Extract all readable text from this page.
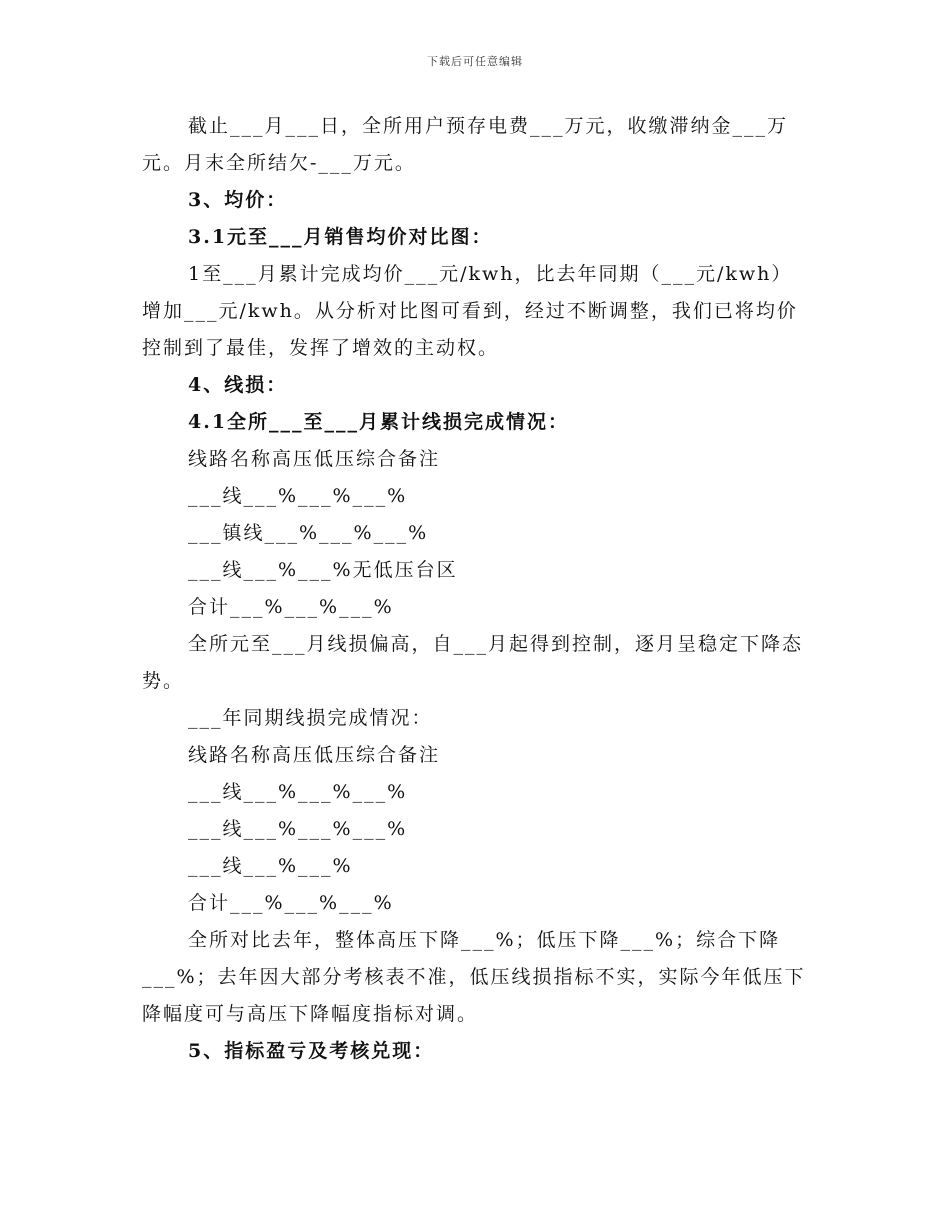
下载后可任意编辑

截止___月___日，全所用户预存电费___万元，收缴滞纳金___万元。月末全所结欠-___万元。

3、均价：

3.1元至___月销售均价对比图：

1至___月累计完成均价___元/kwh，比去年同期（___元/kwh）增加___元/kwh。从分析对比图可看到，经过不断调整，我们已将均价控制到了最佳，发挥了增效的主动权。

4、线损：

4.1全所___至___月累计线损完成情况：

线路名称高压低压综合备注

___线___%___%___%

___镇线___%___%___%

___线___%___%无低压台区

合计___%___%___%

全所元至___月线损偏高，自___月起得到控制，逐月呈稳定下降态势。

___年同期线损完成情况：

线路名称高压低压综合备注

___线___%___%___%

___线___%___%___%

___线___%___%

合计___%___%___%

全所对比去年，整体高压下降___%；低压下降___%；综合下降___%；去年因大部分考核表不准，低压线损指标不实，实际今年低压下降幅度可与高压下降幅度指标对调。

5、指标盈亏及考核兑现：
